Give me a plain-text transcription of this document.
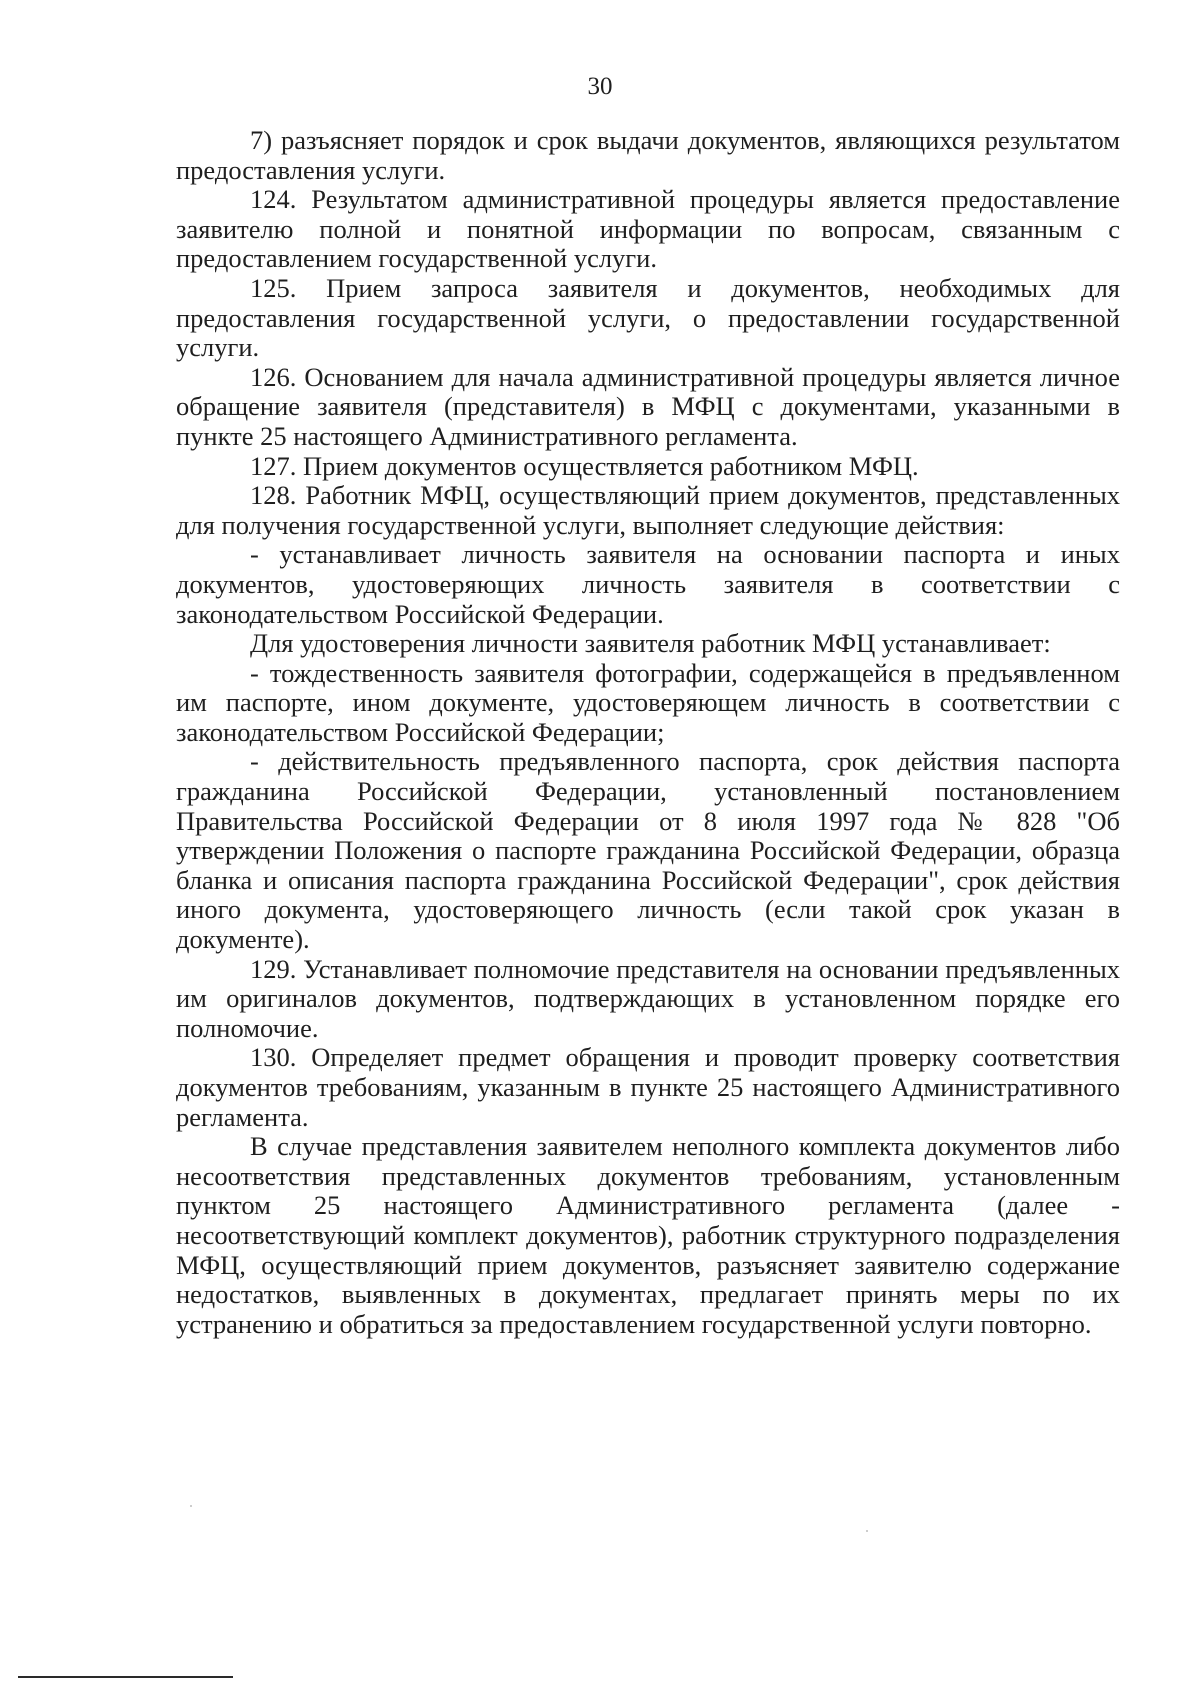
30

7) разъясняет порядок и срок выдачи документов, являющихся результатом предоставления услуги.

124. Результатом административной процедуры является предоставление заявителю полной и понятной информации по вопросам, связанным с предоставлением государственной услуги.

125. Прием запроса заявителя и документов, необходимых для предоставления государственной услуги, о предоставлении государственной услуги.

126. Основанием для начала административной процедуры является личное обращение заявителя (представителя) в МФЦ с документами, указанными в пункте 25 настоящего Административного регламента.

127. Прием документов осуществляется работником МФЦ.

128. Работник МФЦ, осуществляющий прием документов, представленных для получения государственной услуги, выполняет следующие действия:

- устанавливает личность заявителя на основании паспорта и иных документов, удостоверяющих личность заявителя в соответствии с законодательством Российской Федерации.

Для удостоверения личности заявителя работник МФЦ устанавливает:

- тождественность заявителя фотографии, содержащейся в предъявленном им паспорте, ином документе, удостоверяющем личность в соответствии с законодательством Российской Федерации;

- действительность предъявленного паспорта, срок действия паспорта гражданина Российской Федерации, установленный постановлением Правительства Российской Федерации от 8 июля 1997 года № 828 "Об утверждении Положения о паспорте гражданина Российской Федерации, образца бланка и описания паспорта гражданина Российской Федерации", срок действия иного документа, удостоверяющего личность (если такой срок указан в документе).

129. Устанавливает полномочие представителя на основании предъявленных им оригиналов документов, подтверждающих в установленном порядке его полномочие.

130. Определяет предмет обращения и проводит проверку соответствия документов требованиям, указанным в пункте 25 настоящего Административного регламента.

В случае представления заявителем неполного комплекта документов либо несоответствия представленных документов требованиям, установленным пунктом 25 настоящего Административного регламента (далее - несоответствующий комплект документов), работник структурного подразделения МФЦ, осуществляющий прием документов, разъясняет заявителю содержание недостатков, выявленных в документах, предлагает принять меры по их устранению и обратиться за предоставлением государственной услуги повторно.
